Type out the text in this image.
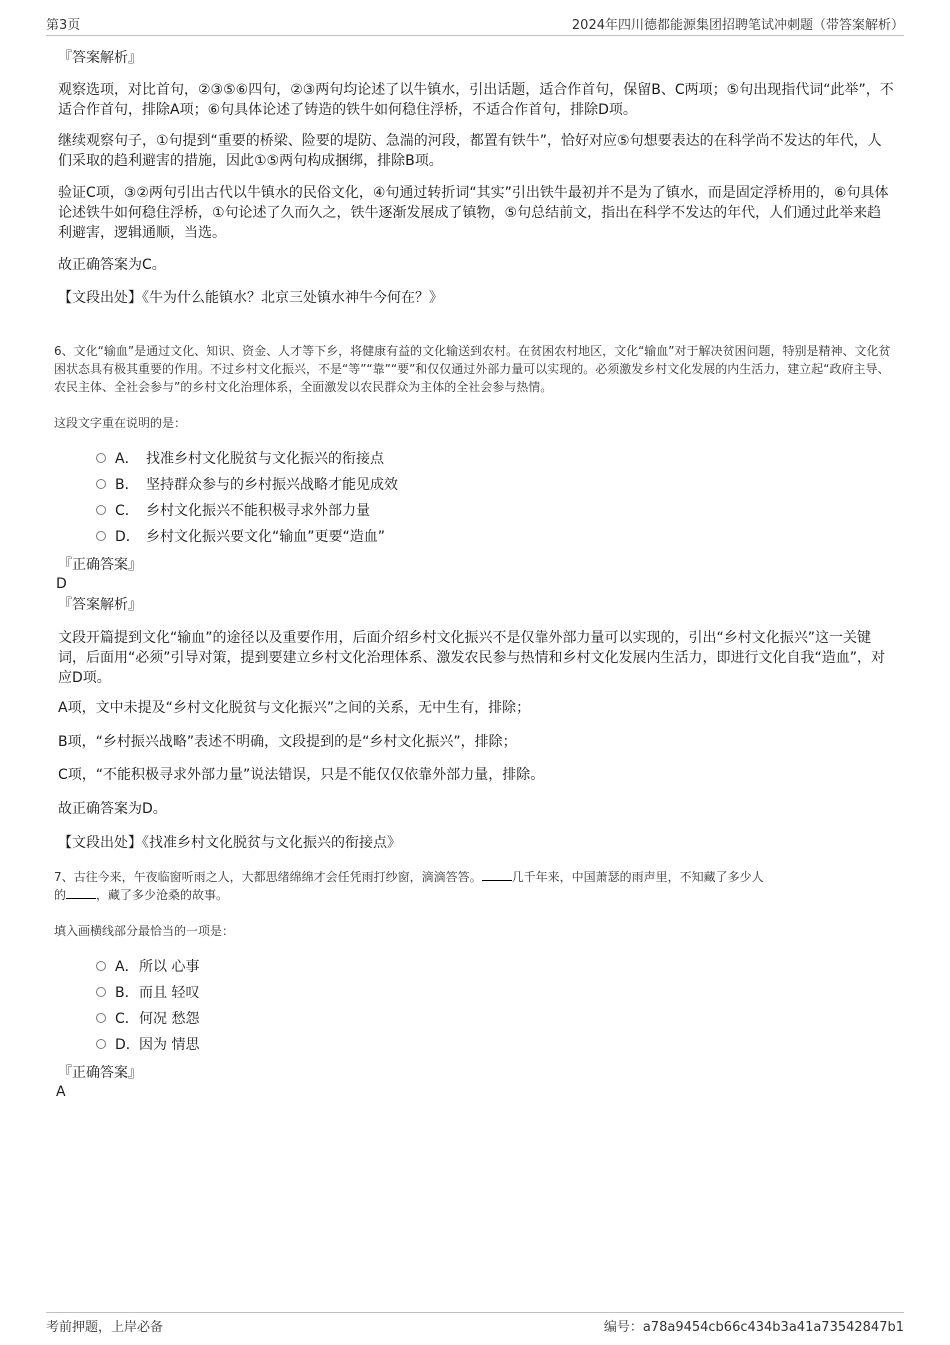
第3页	2024年四川德都能源集团招聘笔试冲刺题（带答案解析）
『答案解析』
观察选项，对比首句，②③⑤⑥四句，②③两句均论述了以牛镇水，引出话题，适合作首句，保留B、C两项；⑤句出现指代词“此举”，不适合作首句，排除A项；⑥句具体论述了铸造的铁牛如何稳住浮桥，不适合作首句，排除D项。
继续观察句子，①句提到“重要的桥梁、险要的堤防、急湍的河段，都置有铁牛”，恰好对应⑤句想要表达的在科学尚不发达的年代，人们采取的趋利避害的措施，因此①⑤两句构成捆绑，排除B项。
验证C项，③②两句引出古代以牛镇水的民俗文化，④句通过转折词“其实”引出铁牛最初并不是为了镇水，而是固定浮桥用的，⑥句具体论述铁牛如何稳住浮桥，①句论述了久而久之，铁牛逐渐发展成了镇物，⑤句总结前文，指出在科学不发达的年代，人们通过此举来趋利避害，逻辑通顺，当选。
故正确答案为C。
【文段出处】《牛为什么能镇水？北京三处镇水神牛今何在？》
6、文化“输血”是通过文化、知识、资金、人才等下乡，将健康有益的文化输送到农村。在贫困农村地区，文化“输血”对于解决贫困问题，特别是精神、文化贫困状态具有极其重要的作用。不过乡村文化振兴，不是“等”“靠”“要”和仅仅通过外部力量可以实现的。必须激发乡村文化发展的内生活力，建立起“政府主导、农民主体、全社会参与”的乡村文化治理体系，全面激发以农民群众为主体的全社会参与热情。
这段文字重在说明的是：
A． 找准乡村文化脱贫与文化振兴的衔接点
B． 坚持群众参与的乡村振兴战略才能见成效
C． 乡村文化振兴不能积极寻求外部力量
D． 乡村文化振兴要文化“输血”更要“造血”
『正确答案』
D
『答案解析』
文段开篇提到文化“输血”的途径以及重要作用，后面介绍乡村文化振兴不是仅靠外部力量可以实现的，引出“乡村文化振兴”这一关键词，后面用“必须”引导对策，提到要建立乡村文化治理体系、激发农民参与热情和乡村文化发展内生活力，即进行文化自我“造血”，对应D项。
A项，文中未提及“乡村文化脱贫与文化振兴”之间的关系，无中生有，排除；
B项，“乡村振兴战略”表述不明确，文段提到的是“乡村文化振兴”，排除；
C项，“不能积极寻求外部力量”说法错误，只是不能仅仅依靠外部力量，排除。
故正确答案为D。
【文段出处】《找准乡村文化脱贫与文化振兴的衔接点》
7、古往今来，午夜临窗听雨之人，大都思绪绵绵才会任凭雨打纱窗，滴滴答答。	几千年来，中国萧瑟的雨声里，不知藏了多少人
的	，藏了多少沧桑的故事。
填入画横线部分最恰当的一项是：
A．所以 心事
B．而且 轻叹
C．何况 愁怨
D．因为 情思
『正确答案』
A
考前押题，上岸必备	编号：a78a9454cb66c434b3a41a73542847b1
